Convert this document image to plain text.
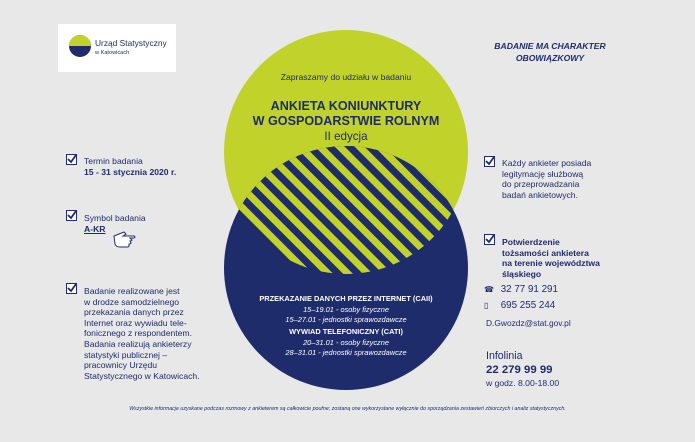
Urząd Statystyczny
w Katowicach
BADANIE MA CHARAKTER
OBOWIĄZKOWY
Zapraszamy do udziału w badaniu
ANKIETA KONIUNKTURY
W GOSPODARSTWIE ROLNYM
II edycja
PRZEKAZANIE DANYCH PRZEZ INTERNET (CAII)
15–19.01 - osoby fizyczne
15–27.01 - jednostki sprawozdawcze
WYWIAD TELEFONICZNY (CATI)
20–31.01 - osoby fizyczne
28–31.01 - jednostki sprawozdawcze
Termin badania
15 - 31 stycznia 2020 r.
Symbol badania
A-KR
Badanie realizowane jest
w drodze samodzielnego
przekazania danych przez
Internet oraz wywiadu tele-
fonicznego z respondentem.
Badania realizują ankieterzy
statystyki publicznej –
pracownicy Urzędu
Statystycznego w Katowicach.
Każdy ankieter posiada
legitymację służbową
do przeprowadzania
badań ankietowych.
Potwierdzenie
tożsamości ankietera
na terenie województwa
śląskiego
☎ 32 77 91 291
▯ 695 255 244
D.Gwozdz@stat.gov.pl
Infolinia
22 279 99 99
w godz. 8.00-18.00
Wszystkie informacje uzyskane podczas rozmowy z ankieterem są całkowicie poufne; zostaną one wykorzystane wyłącznie do sporządzania zestawień zbiorczych i analiz statystycznych.
